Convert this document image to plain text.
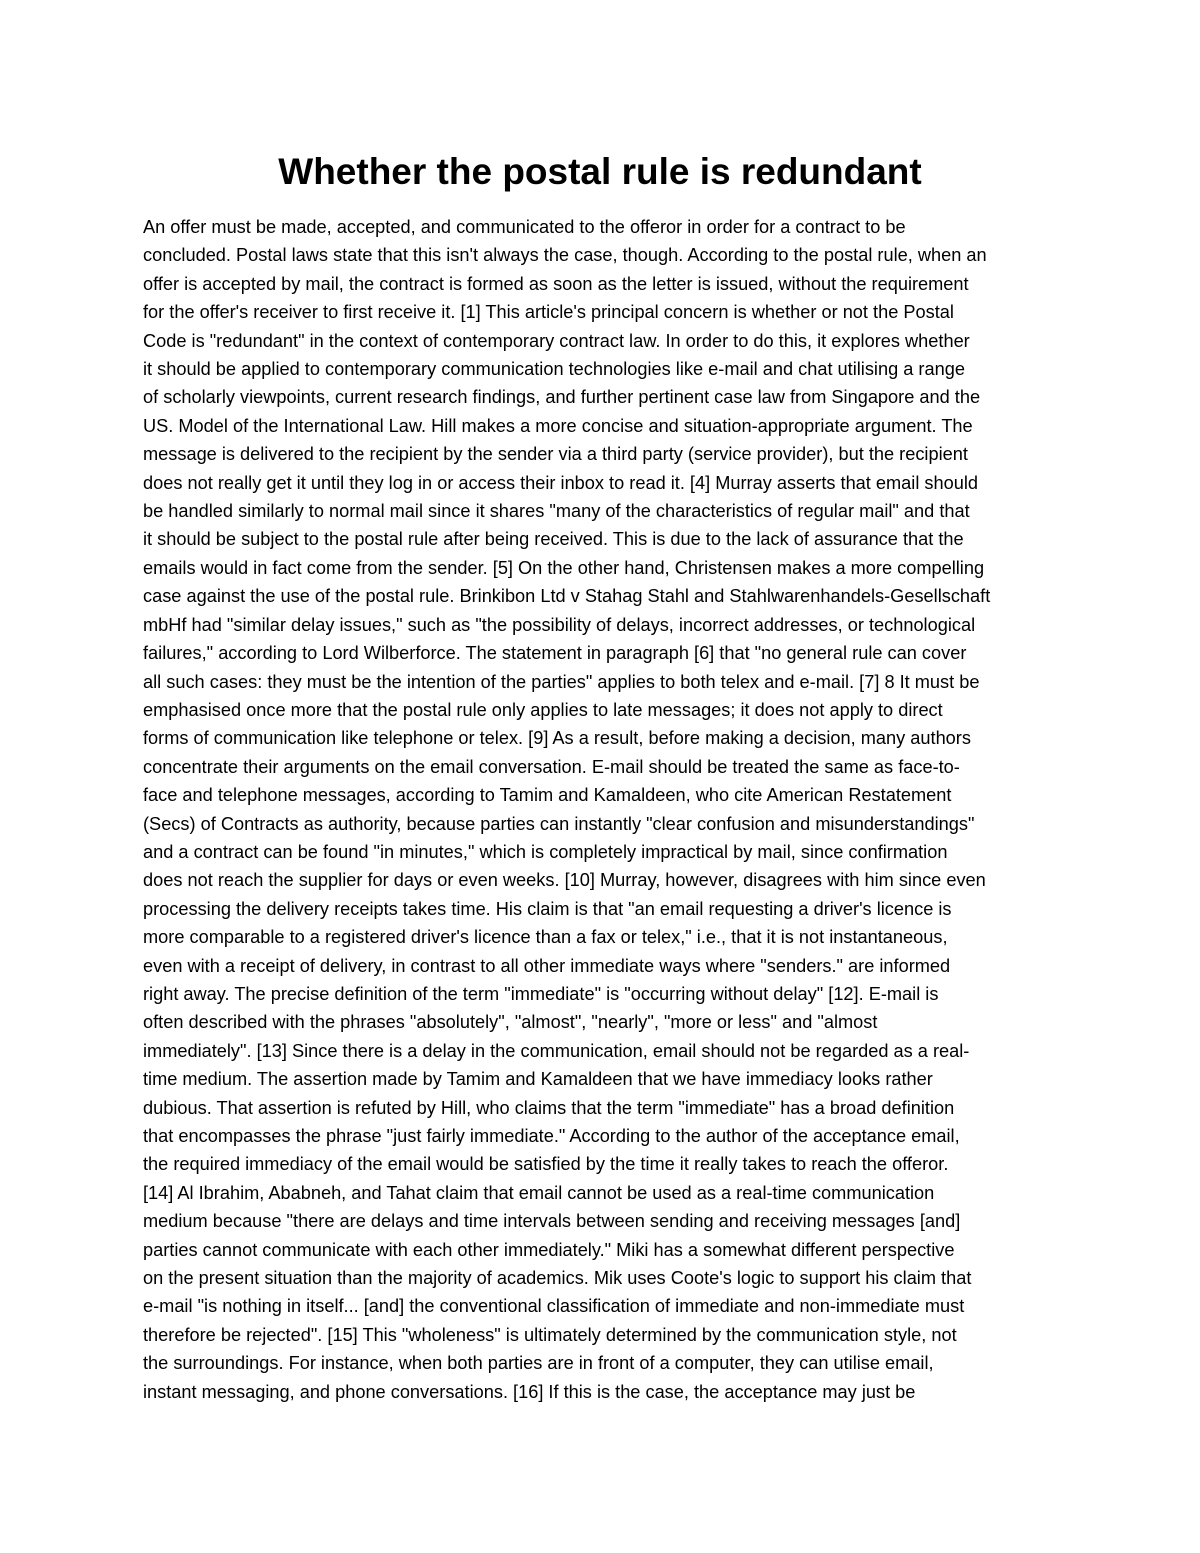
Whether the postal rule is redundant
An offer must be made, accepted, and communicated to the offeror in order for a contract to be
concluded. Postal laws state that this isn't always the case, though. According to the postal rule, when an
offer is accepted by mail, the contract is formed as soon as the letter is issued, without the requirement
for the offer's receiver to first receive it. [1] This article's principal concern is whether or not the Postal
Code is "redundant" in the context of contemporary contract law. In order to do this, it explores whether
it should be applied to contemporary communication technologies like e-mail and chat utilising a range
of scholarly viewpoints, current research findings, and further pertinent case law from Singapore and the
US. Model of the International Law. Hill makes a more concise and situation-appropriate argument. The
message is delivered to the recipient by the sender via a third party (service provider), but the recipient
does not really get it until they log in or access their inbox to read it. [4] Murray asserts that email should
be handled similarly to normal mail since it shares "many of the characteristics of regular mail" and that
it should be subject to the postal rule after being received. This is due to the lack of assurance that the
emails would in fact come from the sender. [5] On the other hand, Christensen makes a more compelling
case against the use of the postal rule. Brinkibon Ltd v Stahag Stahl and Stahlwarenhandels-Gesellschaft
mbHf had "similar delay issues," such as "the possibility of delays, incorrect addresses, or technological
failures," according to Lord Wilberforce. The statement in paragraph [6] that "no general rule can cover
all such cases: they must be the intention of the parties" applies to both telex and e-mail. [7] 8 It must be
emphasised once more that the postal rule only applies to late messages; it does not apply to direct
forms of communication like telephone or telex. [9] As a result, before making a decision, many authors
concentrate their arguments on the email conversation. E-mail should be treated the same as face-to-
face and telephone messages, according to Tamim and Kamaldeen, who cite American Restatement
(Secs) of Contracts as authority, because parties can instantly "clear confusion and misunderstandings"
and a contract can be found "in minutes," which is completely impractical by mail, since confirmation
does not reach the supplier for days or even weeks. [10] Murray, however, disagrees with him since even
processing the delivery receipts takes time. His claim is that "an email requesting a driver's licence is
more comparable to a registered driver's licence than a fax or telex," i.e., that it is not instantaneous,
even with a receipt of delivery, in contrast to all other immediate ways where "senders." are informed
right away. The precise definition of the term "immediate" is "occurring without delay" [12]. E-mail is
often described with the phrases "absolutely", "almost", "nearly", "more or less" and "almost
immediately". [13] Since there is a delay in the communication, email should not be regarded as a real-
time medium. The assertion made by Tamim and Kamaldeen that we have immediacy looks rather
dubious. That assertion is refuted by Hill, who claims that the term "immediate" has a broad definition
that encompasses the phrase "just fairly immediate." According to the author of the acceptance email,
the required immediacy of the email would be satisfied by the time it really takes to reach the offeror.
[14] Al Ibrahim, Ababneh, and Tahat claim that email cannot be used as a real-time communication
medium because "there are delays and time intervals between sending and receiving messages [and]
parties cannot communicate with each other immediately." Miki has a somewhat different perspective
on the present situation than the majority of academics. Mik uses Coote's logic to support his claim that
e-mail "is nothing in itself... [and] the conventional classification of immediate and non-immediate must
therefore be rejected". [15] This "wholeness" is ultimately determined by the communication style, not
the surroundings. For instance, when both parties are in front of a computer, they can utilise email,
instant messaging, and phone conversations. [16] If this is the case, the acceptance may just be
